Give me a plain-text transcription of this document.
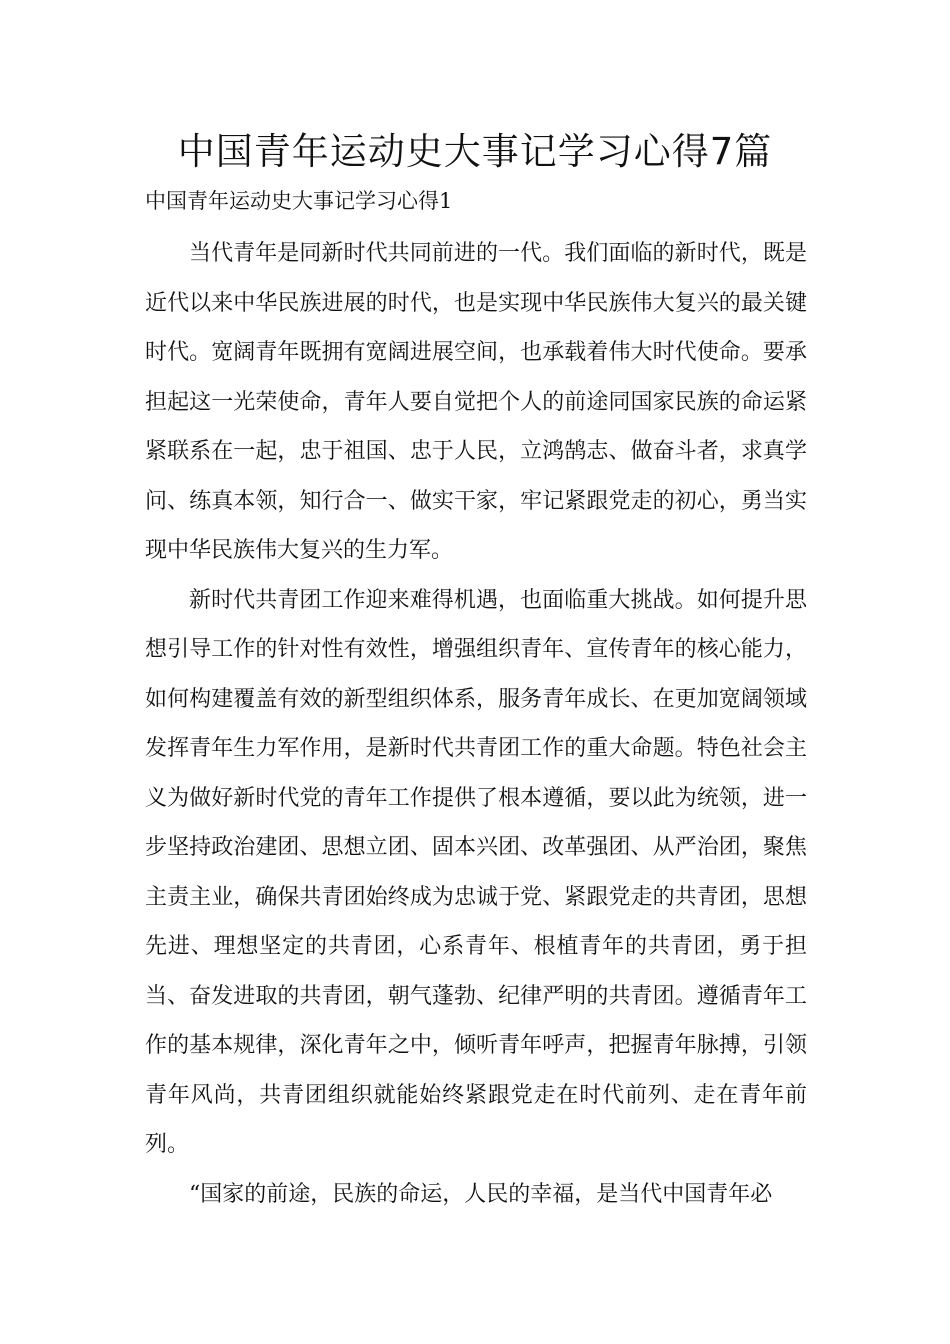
中国青年运动史大事记学习心得7篇
中国青年运动史大事记学习心得1

当代青年是同新时代共同前进的一代。我们面临的新时代，既是近代以来中华民族进展的时代，也是实现中华民族伟大复兴的最关键时代。宽阔青年既拥有宽阔进展空间，也承载着伟大时代使命。要承担起这一光荣使命，青年人要自觉把个人的前途同国家民族的命运紧紧联系在一起，忠于祖国、忠于人民，立鸿鹄志、做奋斗者，求真学问、练真本领，知行合一、做实干家，牢记紧跟党走的初心，勇当实现中华民族伟大复兴的生力军。

新时代共青团工作迎来难得机遇，也面临重大挑战。如何提升思想引导工作的针对性有效性，增强组织青年、宣传青年的核心能力，如何构建覆盖有效的新型组织体系，服务青年成长、在更加宽阔领域发挥青年生力军作用，是新时代共青团工作的重大命题。特色社会主义为做好新时代党的青年工作提供了根本遵循，要以此为统领，进一步坚持政治建团、思想立团、固本兴团、改革强团、从严治团，聚焦主责主业，确保共青团始终成为忠诚于党、紧跟党走的共青团，思想先进、理想坚定的共青团，心系青年、根植青年的共青团，勇于担当、奋发进取的共青团，朝气蓬勃、纪律严明的共青团。遵循青年工作的基本规律，深化青年之中，倾听青年呼声，把握青年脉搏，引领青年风尚，共青团组织就能始终紧跟党走在时代前列、走在青年前列。

“国家的前途，民族的命运，人民的幸福，是当代中国青年必
